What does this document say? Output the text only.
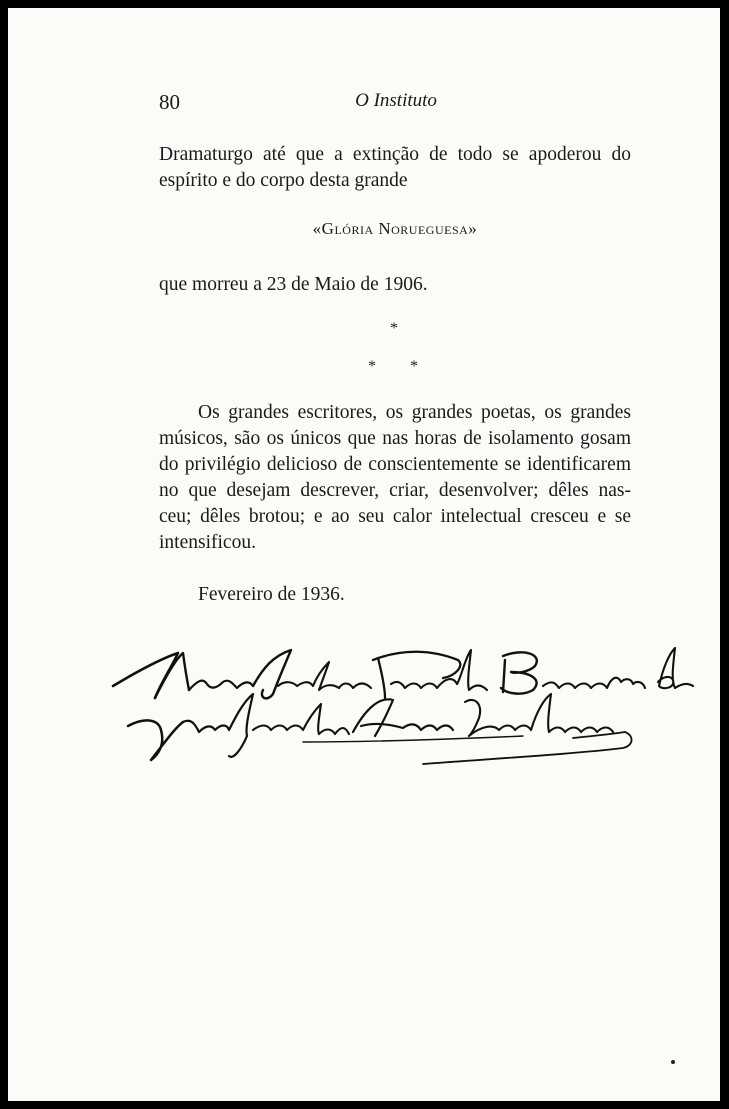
80	O Instituto
Dramaturgo até que a extinção de todo se apoderou do
espírito e do corpo desta grande
«Glória Norueguesa»
que morreu a 23 de Maio de 1906.
*
* *
Os grandes escritores, os grandes poetas, os grandes
músicos, são os únicos que nas horas de isolamento gosam
do privilégio delicioso de conscientemente se identificarem
no que desejam descrever, criar, desenvolver; dêles nas-
ceu; dêles brotou; e ao seu calor intelectual cresceu e se
intensificou.
Fevereiro de 1936.
